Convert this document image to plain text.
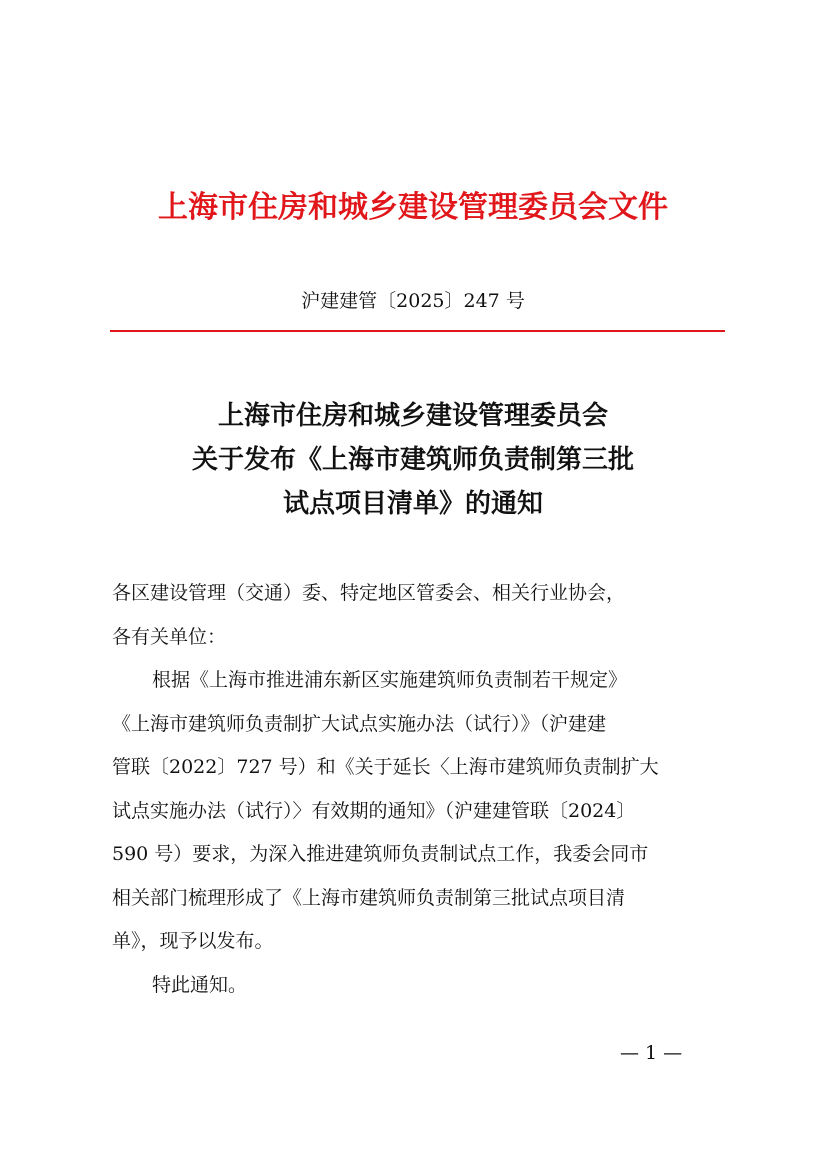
上海市住房和城乡建设管理委员会文件
沪建建管〔2025〕247 号
上海市住房和城乡建设管理委员会
关于发布《上海市建筑师负责制第三批
试点项目清单》的通知
各区建设管理（交通）委、特定地区管委会、相关行业协会，
各有关单位：
根据《上海市推进浦东新区实施建筑师负责制若干规定》
《上海市建筑师负责制扩大试点实施办法（试行）》（沪建建
管联〔2022〕727 号）和《关于延长〈上海市建筑师负责制扩大
试点实施办法（试行）〉有效期的通知》（沪建建管联〔2024〕
590 号）要求，为深入推进建筑师负责制试点工作，我委会同市
相关部门梳理形成了《上海市建筑师负责制第三批试点项目清
单》，现予以发布。
特此通知。
— 1 —
